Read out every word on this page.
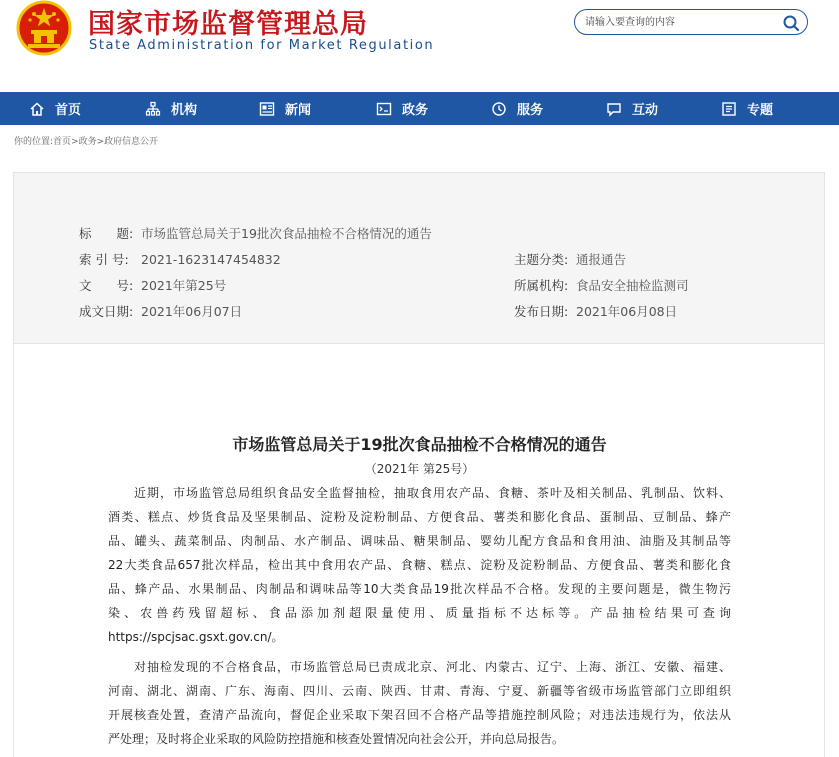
国家市场监督管理总局
State Administration for Market Regulation
请输入要查询的内容
首页	机构	新闻	政务	服务	互动	专题
你的位置:首页>政务>政府信息公开
标　　题: 市场监管总局关于19批次食品抽检不合格情况的通告
索 引 号: 2021-1623147454832	主题分类: 通报通告
文　　号: 2021年第25号	所属机构: 食品安全抽检监测司
成文日期: 2021年06月07日	发布日期: 2021年06月08日
市场监管总局关于19批次食品抽检不合格情况的通告
（2021年 第25号）
　　近期，市场监管总局组织食品安全监督抽检，抽取食用农产品、食糖、茶叶及相关制品、乳制品、饮料、
酒类、糕点、炒货食品及坚果制品、淀粉及淀粉制品、方便食品、薯类和膨化食品、蛋制品、豆制品、蜂产
品、罐头、蔬菜制品、肉制品、水产制品、调味品、糖果制品、婴幼儿配方食品和食用油、油脂及其制品等
22大类食品657批次样品，检出其中食用农产品、食糖、糕点、淀粉及淀粉制品、方便食品、薯类和膨化食
品、蜂产品、水果制品、肉制品和调味品等10大类食品19批次样品不合格。发现的主要问题是，微生物污
染、农兽药残留超标、食品添加剂超限量使用、质量指标不达标等。产品抽检结果可查询
https://spcjsac.gsxt.gov.cn/。
　　对抽检发现的不合格食品，市场监管总局已责成北京、河北、内蒙古、辽宁、上海、浙江、安徽、福建、
河南、湖北、湖南、广东、海南、四川、云南、陕西、甘肃、青海、宁夏、新疆等省级市场监管部门立即组织
开展核查处置，查清产品流向，督促企业采取下架召回不合格产品等措施控制风险；对违法违规行为，依法从
严处理；及时将企业采取的风险防控措施和核查处置情况向社会公开，并向总局报告。
